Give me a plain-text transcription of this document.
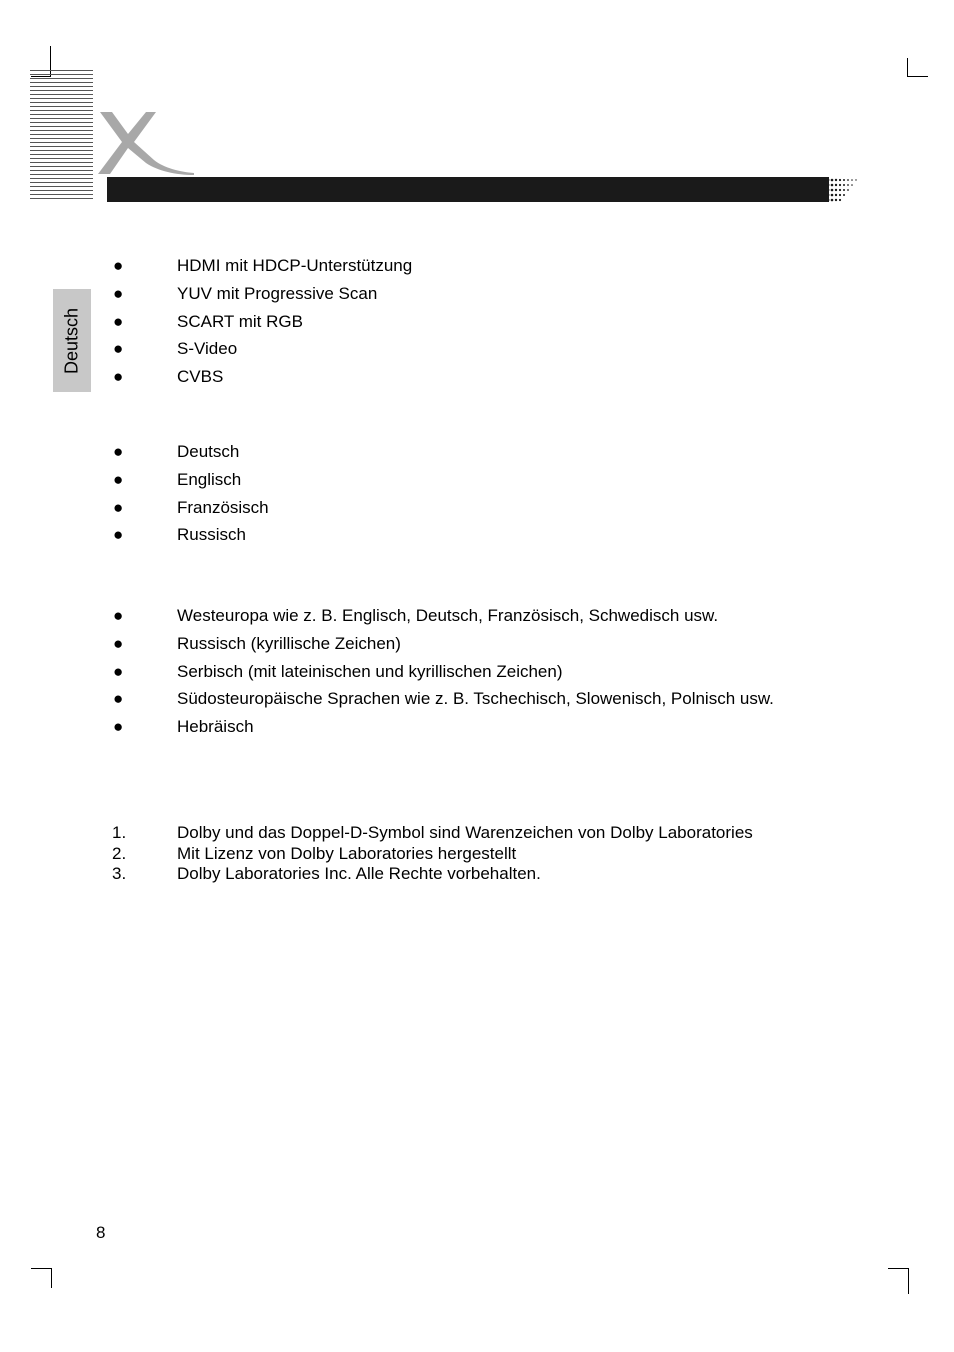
Deutsch
●	HDMI mit HDCP-Unterstützung
●	YUV mit Progressive Scan
●	SCART mit RGB
●	S-Video
●	CVBS
●	Deutsch
●	Englisch
●	Französisch
●	Russisch
●	Westeuropa wie z. B. Englisch, Deutsch, Französisch, Schwedisch usw.
●	Russisch (kyrillische Zeichen)
●	Serbisch (mit lateinischen und kyrillischen Zeichen)
●	Südosteuropäische Sprachen wie z. B. Tschechisch, Slowenisch, Polnisch usw.
●	Hebräisch
1.	Dolby und das Doppel-D-Symbol sind Warenzeichen von Dolby Laboratories
2.	Mit Lizenz von Dolby Laboratories hergestellt
3.	Dolby Laboratories Inc. Alle Rechte vorbehalten.
8
